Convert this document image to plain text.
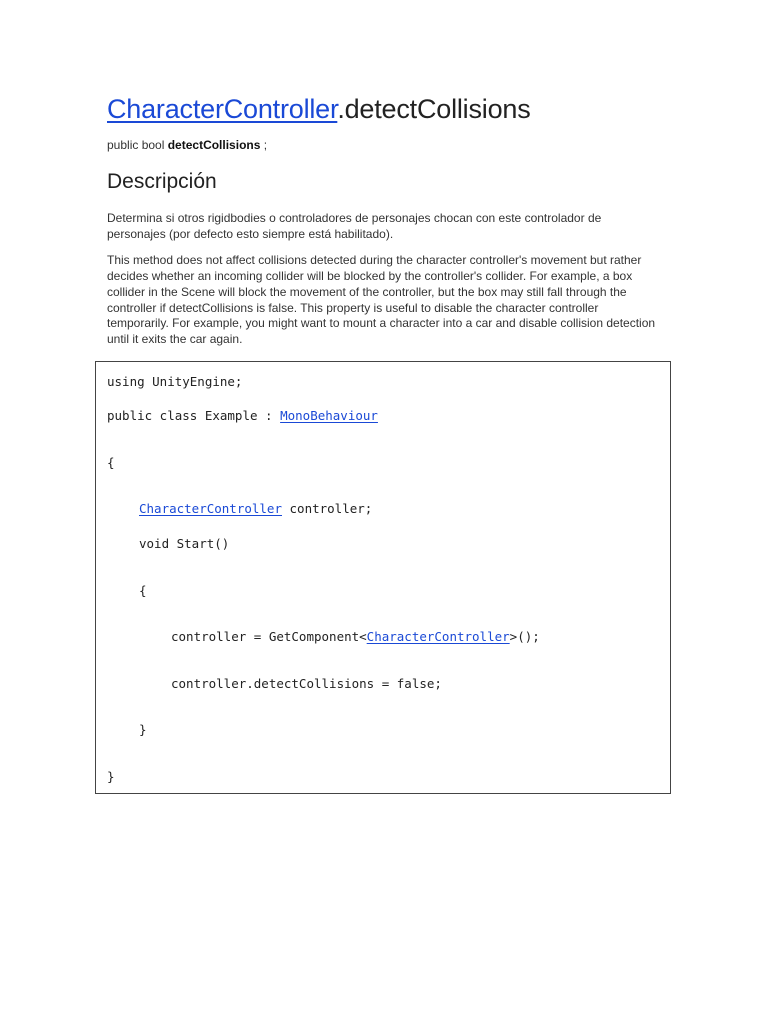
CharacterController.detectCollisions
public bool detectCollisions ;
Descripción

Determina si otros rigidbodies o controladores de personajes chocan con este controlador de personajes (por defecto esto siempre está habilitado).

This method does not affect collisions detected during the character controller's movement but rather decides whether an incoming collider will be blocked by the controller's collider. For example, a box collider in the Scene will block the movement of the controller, but the box may still fall through the controller if detectCollisions is false. This property is useful to disable the character controller temporarily. For example, you might want to mount a character into a car and disable collision detection until it exits the car again.

using UnityEngine;
public class Example : MonoBehaviour
{
CharacterController controller;
void Start()
{
controller = GetComponent<CharacterController>();
controller.detectCollisions = false;
}
}
